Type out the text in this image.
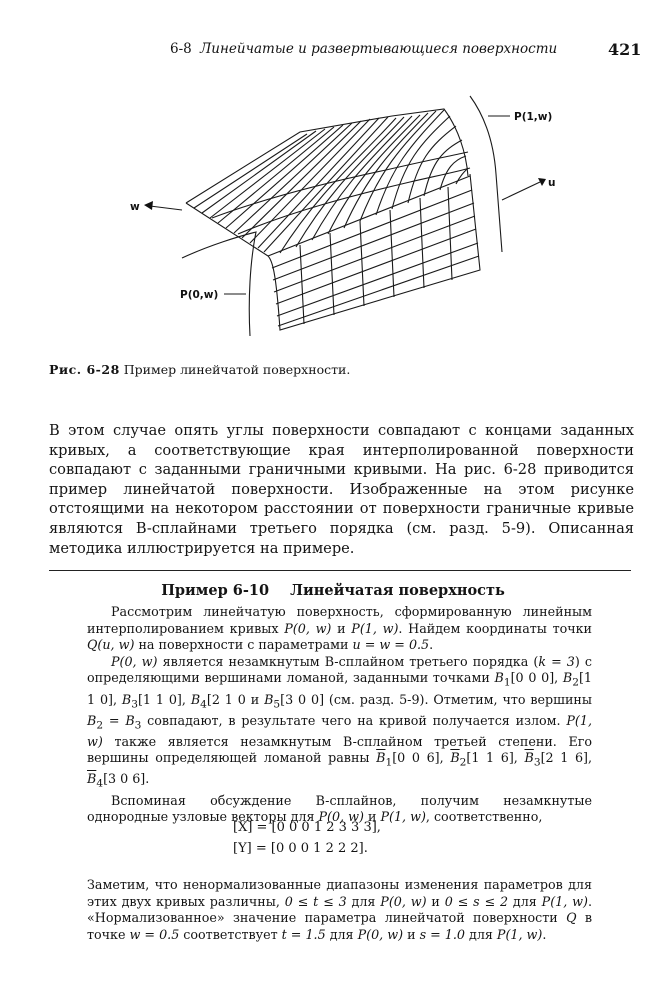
6-8 Линейчатые и развертывающиеся поверхности	421
P(1,w)
u
w
P(0,w)
Рис. 6-28 Пример линейчатой поверхности.

В этом случае опять углы поверхности совпадают с концами заданных кривых, а соответствующие края интерполированной поверхности совпадают с заданными граничными кривыми. На рис. 6-28 приводится пример линейчатой поверхности. Изображенные на этом рисунке отстоящими на некотором расстоянии от поверхности граничные кривые являются B-сплайнами третьего порядка (см. разд. 5-9). Описанная методика иллюстрируется на примере.

Пример 6-10 Линейчатая поверхность

Рассмотрим линейчатую поверхность, сформированную линейным интерполированием кривых P(0, w) и P(1, w). Найдем координаты точки Q(u, w) на поверхности с параметрами u = w = 0.5.

P(0, w) является незамкнутым B-сплайном третьего порядка (k = 3) с определяющими вершинами ломаной, заданными точками $B_1[0$ 0 0], $B_2[1$ 1 0], $B_3[1$ 1 0], $B_4[2$ 1 0 и $B_5[3$ 0 0] (см. разд. 5-9). Отметим, что вершины $B_2 = B_3$ совпадают, в результате чего на кривой получается излом. P(1, w) также является незамкнутым B-сплайном третьей степени. Его вершины определяющей ломаной равны $\overline{B}_1[0$ 0 6], $\overline{B}_2[1$ 1 6], $\overline{B}_3[2$ 1 6], $\overline{B}_4[3$ 0 6].

Вспоминая обсуждение B-сплайнов, получим незамкнутые однородные узловые векторы для P(0, w) и P(1, w), соответственно,

[X] = [0 0 0 1 2 3 3 3],
[Y] = [0 0 0 1 2 2 2].

Заметим, что ненормализованные диапазоны изменения параметров для этих двух кривых различны, 0 ≤ t ≤ 3 для P(0, w) и 0 ≤ s ≤ 2 для P(1, w). «Нормализованное» значение параметра линейчатой поверхности Q в точке w = 0.5 соответствует t = 1.5 для P(0, w) и s = 1.0 для P(1, w).
